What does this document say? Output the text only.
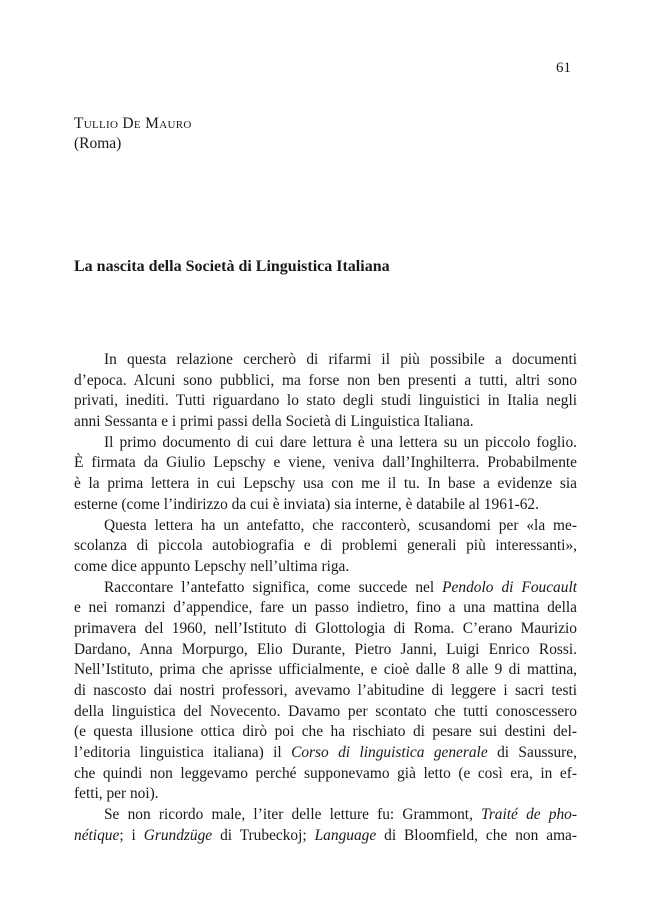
61
Tullio De Mauro
(Roma)
La nascita della Società di Linguistica Italiana
In questa relazione cercherò di rifarmi il più possibile a documenti
d’epoca. Alcuni sono pubblici, ma forse non ben presenti a tutti, altri sono
privati, inediti. Tutti riguardano lo stato degli studi linguistici in Italia negli
anni Sessanta e i primi passi della Società di Linguistica Italiana.
Il primo documento di cui dare lettura è una lettera su un piccolo foglio.
È firmata da Giulio Lepschy e viene, veniva dall’Inghilterra. Probabilmente
è la prima lettera in cui Lepschy usa con me il tu. In base a evidenze sia
esterne (come l’indirizzo da cui è inviata) sia interne, è databile al 1961-62.
Questa lettera ha un antefatto, che racconterò, scusandomi per «la me-
scolanza di piccola autobiografia e di problemi generali più interessanti»,
come dice appunto Lepschy nell’ultima riga.
Raccontare l’antefatto significa, come succede nel Pendolo di Foucault
e nei romanzi d’appendice, fare un passo indietro, fino a una mattina della
primavera del 1960, nell’Istituto di Glottologia di Roma. C’erano Maurizio
Dardano, Anna Morpurgo, Elio Durante, Pietro Janni, Luigi Enrico Rossi.
Nell’Istituto, prima che aprisse ufficialmente, e cioè dalle 8 alle 9 di mattina,
di nascosto dai nostri professori, avevamo l’abitudine di leggere i sacri testi
della linguistica del Novecento. Davamo per scontato che tutti conoscessero
(e questa illusione ottica dirò poi che ha rischiato di pesare sui destini del-
l’editoria linguistica italiana) il Corso di linguistica generale di Saussure,
che quindi non leggevamo perché supponevamo già letto (e così era, in ef-
fetti, per noi).
Se non ricordo male, l’iter delle letture fu: Grammont, Traité de pho-
nétique; i Grundzüge di Trubeckoj; Language di Bloomfield, che non ama-
